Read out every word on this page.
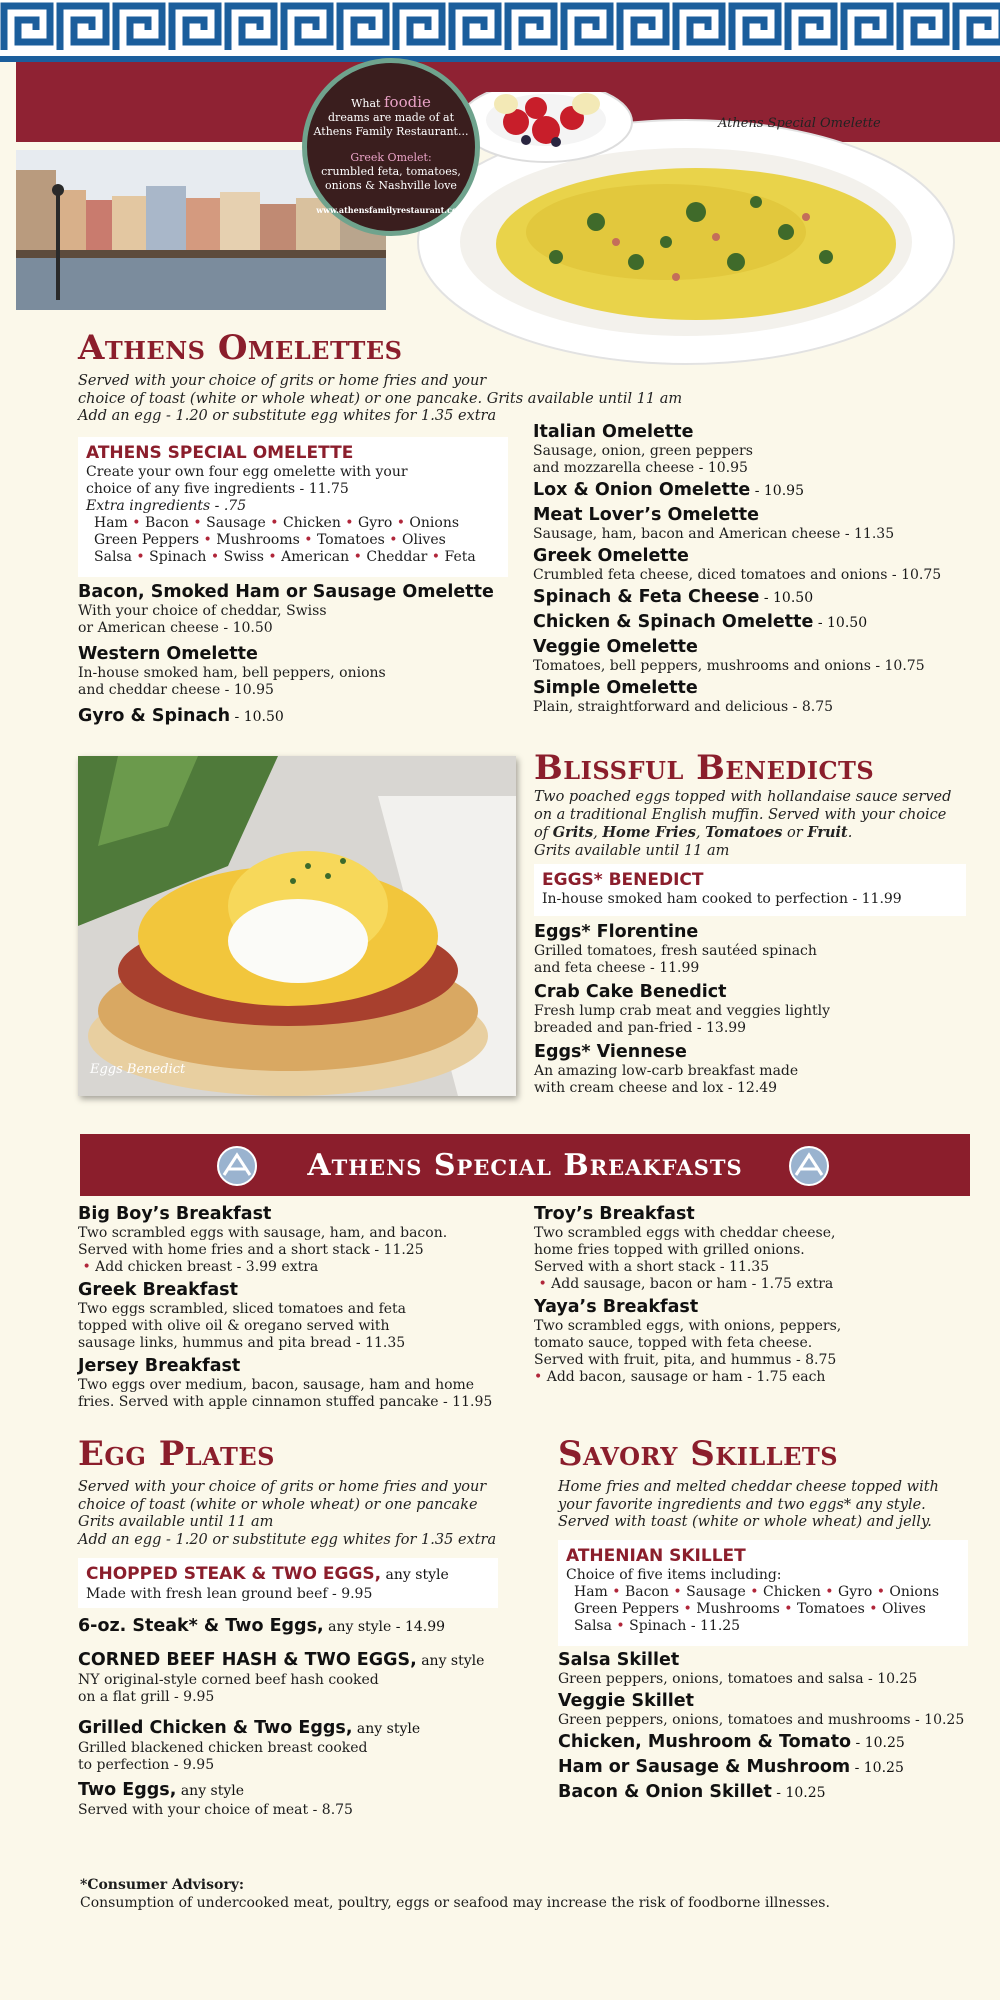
What foodie
dreams are made of at
Athens Family Restaurant...
Greek Omelet:
crumbled feta, tomatoes,
onions & Nashville love
www.athensfamilyrestaurant.com
Athens Special Omelette
Athens Omelettes
Served with your choice of grits or home fries and your
choice of toast (white or whole wheat) or one pancake. Grits available until 11 am
Add an egg - 1.20 or substitute egg whites for 1.35 extra
ATHENS SPECIAL OMELETTE
Create your own four egg omelette with your
choice of any five ingredients - 11.75
Extra ingredients - .75
Ham • Bacon • Sausage • Chicken • Gyro • Onions
Green Peppers • Mushrooms • Tomatoes • Olives
Salsa • Spinach • Swiss • American • Cheddar • Feta
Bacon, Smoked Ham or Sausage Omelette
With your choice of cheddar, Swiss
or American cheese - 10.50
Western Omelette
In-house smoked ham, bell peppers, onions
and cheddar cheese - 10.95
Gyro & Spinach - 10.50
Italian Omelette
Sausage, onion, green peppers
and mozzarella cheese - 10.95
Lox & Onion Omelette - 10.95
Meat Lover’s Omelette
Sausage, ham, bacon and American cheese - 11.35
Greek Omelette
Crumbled feta cheese, diced tomatoes and onions - 10.75
Spinach & Feta Cheese - 10.50
Chicken & Spinach Omelette - 10.50
Veggie Omelette
Tomatoes, bell peppers, mushrooms and onions - 10.75
Simple Omelette
Plain, straightforward and delicious - 8.75
Eggs Benedict
Blissful Benedicts
Two poached eggs topped with hollandaise sauce served
on a traditional English muffin. Served with your choice
of Grits, Home Fries, Tomatoes or Fruit.
Grits available until 11 am
EGGS* BENEDICT
In-house smoked ham cooked to perfection - 11.99
Eggs* Florentine
Grilled tomatoes, fresh sautéed spinach
and feta cheese - 11.99
Crab Cake Benedict
Fresh lump crab meat and veggies lightly
breaded and pan-fried - 13.99
Eggs* Viennese
An amazing low-carb breakfast made
with cream cheese and lox - 12.49
Athens Special Breakfasts
Big Boy’s Breakfast
Two scrambled eggs with sausage, ham, and bacon.
Served with home fries and a short stack - 11.25
• Add chicken breast - 3.99 extra
Greek Breakfast
Two eggs scrambled, sliced tomatoes and feta
topped with olive oil & oregano served with
sausage links, hummus and pita bread - 11.35
Jersey Breakfast
Two eggs over medium, bacon, sausage, ham and home
fries. Served with apple cinnamon stuffed pancake - 11.95
Troy’s Breakfast
Two scrambled eggs with cheddar cheese,
home fries topped with grilled onions.
Served with a short stack - 11.35
• Add sausage, bacon or ham - 1.75 extra
Yaya’s Breakfast
Two scrambled eggs, with onions, peppers,
tomato sauce, topped with feta cheese.
Served with fruit, pita, and hummus - 8.75
• Add bacon, sausage or ham - 1.75 each
Egg Plates
Served with your choice of grits or home fries and your
choice of toast (white or whole wheat) or one pancake
Grits available until 11 am
Add an egg - 1.20 or substitute egg whites for 1.35 extra
CHOPPED STEAK & TWO EGGS, any style
Made with fresh lean ground beef - 9.95
6-oz. Steak* & Two Eggs, any style - 14.99
CORNED BEEF HASH & TWO EGGS, any style
NY original-style corned beef hash cooked
on a flat grill - 9.95
Grilled Chicken & Two Eggs, any style
Grilled blackened chicken breast cooked
to perfection - 9.95
Two Eggs, any style
Served with your choice of meat - 8.75
Savory Skillets
Home fries and melted cheddar cheese topped with
your favorite ingredients and two eggs* any style.
Served with toast (white or whole wheat) and jelly.
ATHENIAN SKILLET
Choice of five items including:
Ham • Bacon • Sausage • Chicken • Gyro • Onions
Green Peppers • Mushrooms • Tomatoes • Olives
Salsa • Spinach - 11.25
Salsa Skillet
Green peppers, onions, tomatoes and salsa - 10.25
Veggie Skillet
Green peppers, onions, tomatoes and mushrooms - 10.25
Chicken, Mushroom & Tomato - 10.25
Ham or Sausage & Mushroom - 10.25
Bacon & Onion Skillet - 10.25
*Consumer Advisory:
Consumption of undercooked meat, poultry, eggs or seafood may increase the risk of foodborne illnesses.
